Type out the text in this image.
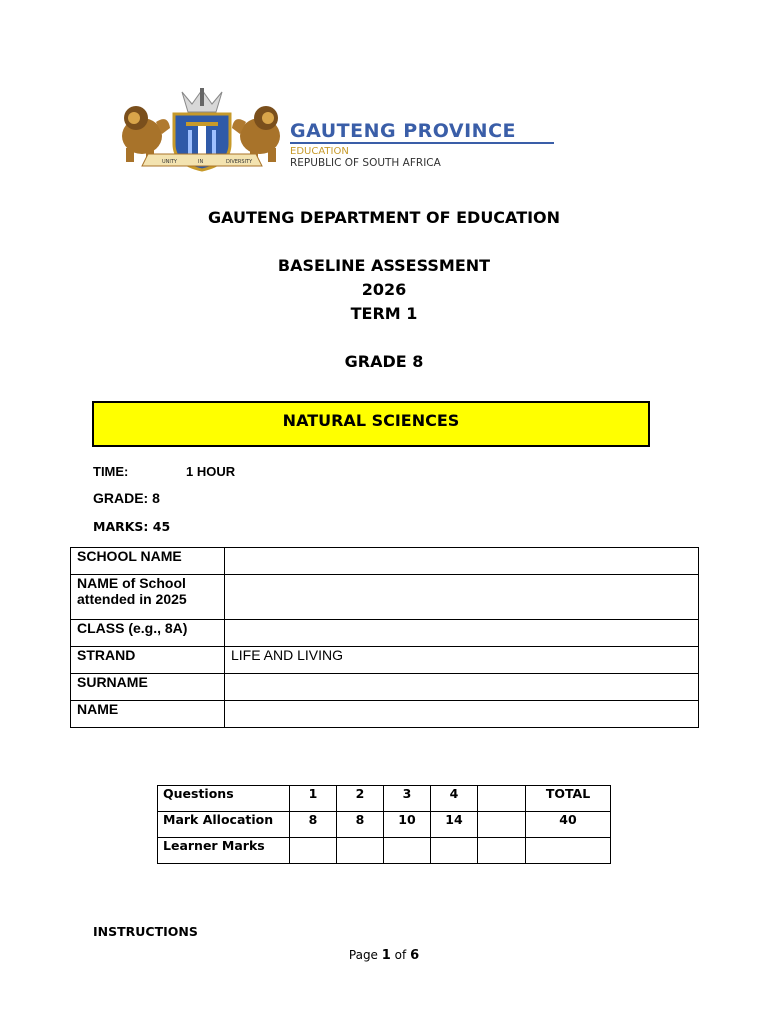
UNITY	IN	DIVERSITY
GAUTENG PROVINCE
EDUCATION
REPUBLIC OF SOUTH AFRICA
GAUTENG DEPARTMENT OF EDUCATION
BASELINE ASSESSMENT
2026
TERM 1
GRADE 8
NATURAL SCIENCES
TIME:	1 HOUR
GRADE: 8
MARKS: 45
SCHOOL NAME	
NAME of School attended in 2025	
CLASS (e.g., 8A)	
STRAND	LIFE AND LIVING
SURNAME	
NAME	
Questions	1	2	3	4		TOTAL
Mark Allocation	8	8	10	14		40
Learner Marks						
INSTRUCTIONS
Page 1 of 6
